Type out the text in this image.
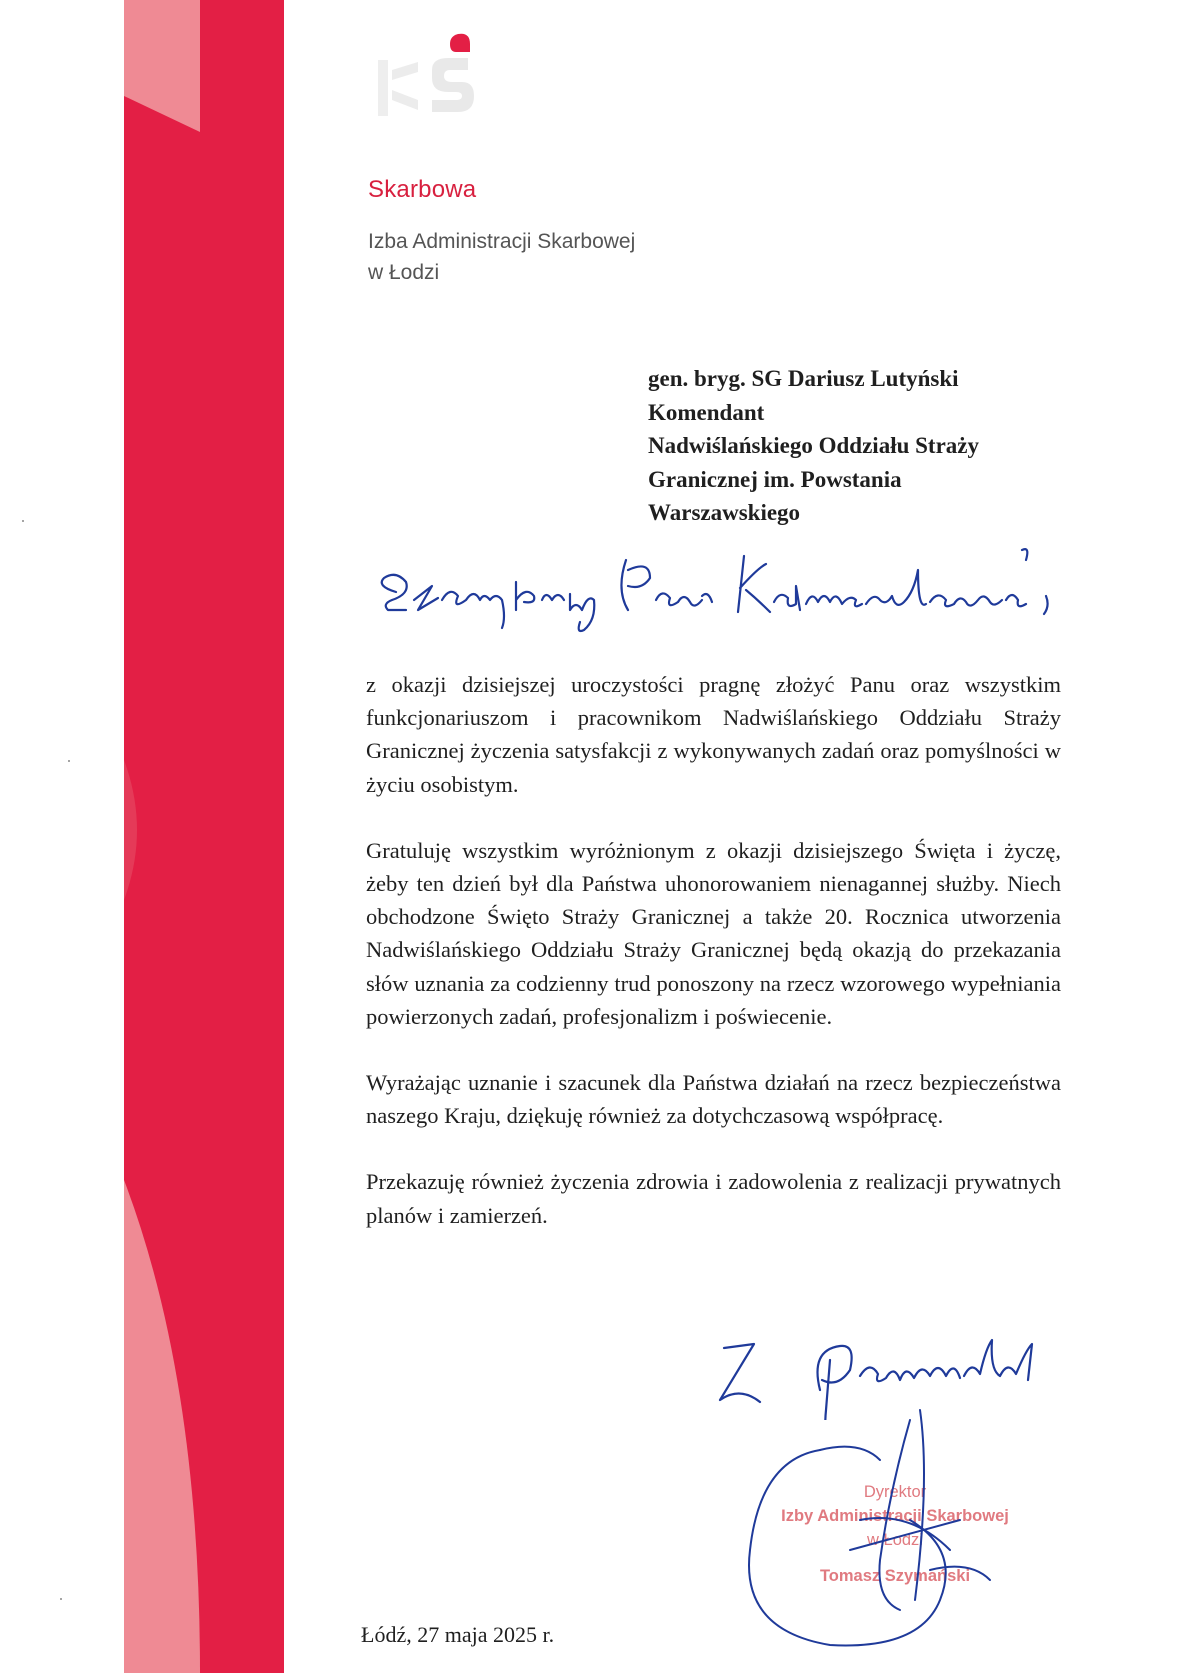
Skarbowa
Izba Administracji Skarbowej
w Łodzi
gen. bryg. SG Dariusz Lutyński
Komendant
Nadwiślańskiego Oddziału Straży
Granicznej im. Powstania
Warszawskiego

z okazji dzisiejszej uroczystości pragnę złożyć Panu oraz wszystkim funkcjonariuszom i pracownikom Nadwiślańskiego Oddziału Straży Granicznej życzenia satysfakcji z wykonywanych zadań oraz pomyślności w życiu osobistym.

Gratuluję wszystkim wyróżnionym z okazji dzisiejszego Święta i życzę, żeby ten dzień był dla Państwa uhonorowaniem nienagannej służby. Niech obchodzone Święto Straży Granicznej a także 20. Rocznica utworzenia Nadwiślańskiego Oddziału Straży Granicznej będą okazją do przekazania słów uznania za codzienny trud ponoszony na rzecz wzorowego wypełniania powierzonych zadań, profesjonalizm i poświecenie.

Wyrażając uznanie i szacunek dla Państwa działań na rzecz bezpieczeństwa naszego Kraju, dziękuję również za dotychczasową współpracę.

Przekazuję również życzenia zdrowia i zadowolenia z realizacji prywatnych planów i zamierzeń.

Dyrektor
Izby Administracji Skarbowej
w Łodzi
Tomasz Szymański
Łódź, 27 maja 2025 r.
